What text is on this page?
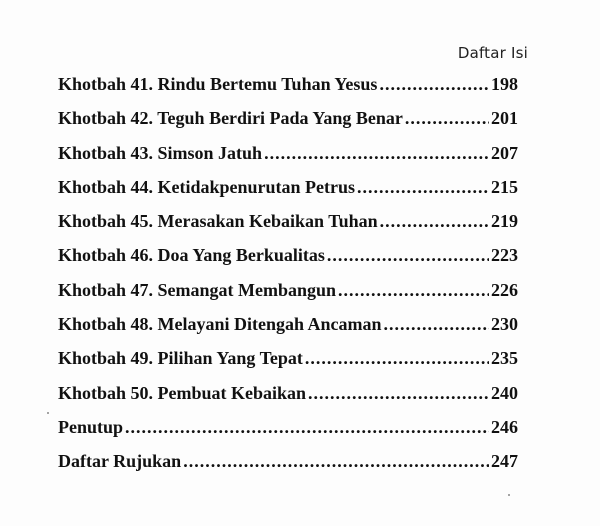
Daftar Isi
Khotbah 41. Rindu Bertemu Tuhan Yesus .....	198
Khotbah 42. Teguh Berdiri Pada Yang Benar .....	201
Khotbah 43. Simson Jatuh .....	207
Khotbah 44. Ketidakpenurutan Petrus .....	215
Khotbah 45. Merasakan Kebaikan Tuhan .....	219
Khotbah 46. Doa Yang Berkualitas .....	223
Khotbah 47. Semangat Membangun .....	226
Khotbah 48. Melayani Ditengah Ancaman .....	230
Khotbah 49. Pilihan Yang Tepat .....	235
Khotbah 50. Pembuat Kebaikan .....	240
Penutup .....	246
Daftar Rujukan .....	247
